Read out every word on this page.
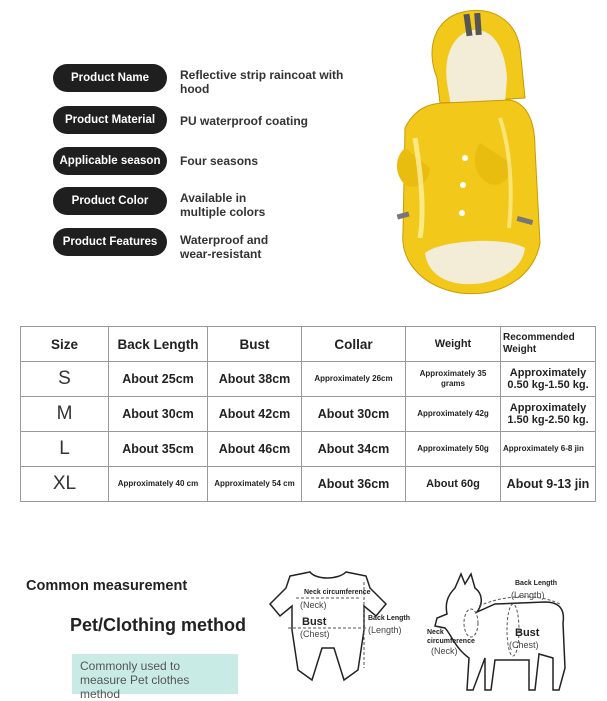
Product Name	Reflective strip raincoat with hood
Product Material	PU waterproof coating
Applicable season	Four seasons
Product Color	Available in multiple colors
Product Features	Waterproof and wear-resistant
Size	Back Length	Bust	Collar	Weight	Recommended Weight
S	About 25cm	About 38cm	Approximately 26cm	Approximately 35 grams	Approximately 0.50 kg-1.50 kg.
M	About 30cm	About 42cm	About 30cm	Approximately 42g	Approximately 1.50 kg-2.50 kg.
L	About 35cm	About 46cm	About 34cm	Approximately 50g	Approximately 6-8 jin
XL	Approximately 40 cm	Approximately 54 cm	About 36cm	About 60g	About 9-13 jin
Common measurement
Pet/Clothing method
Commonly used to measure Pet clothes method
Neck circumference
(Neck)
Bust
(Chest)
Back Length
(Length)
Back Length
(Length)
Neck
circumference
(Neck)
Bust
(Chest)
